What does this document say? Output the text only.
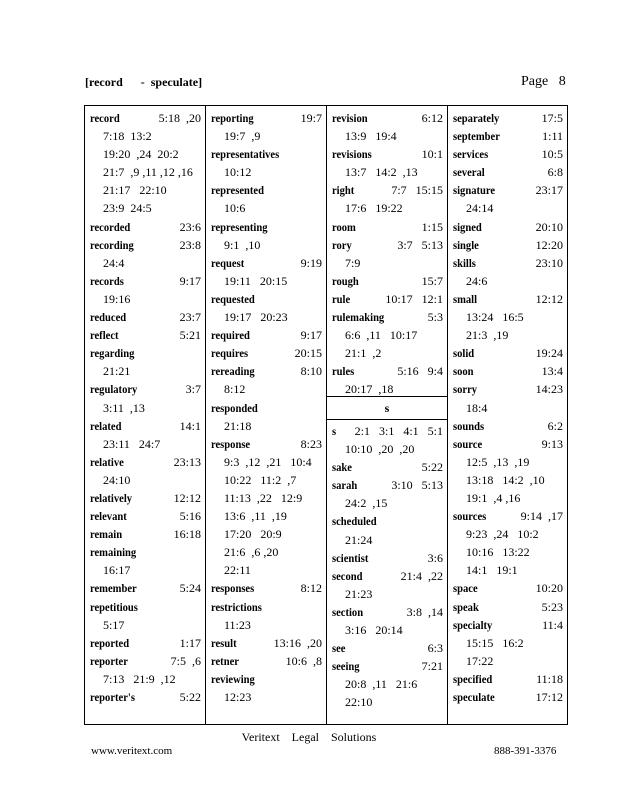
[record      -  speculate]	Page   8
record	5:18  ,20
7:18  13:2
19:20  ,24  20:2
21:7  ,9 ,11 ,12 ,16
21:17   22:10
23:9  24:5
recorded	23:6
recording	23:8
24:4
records	9:17
19:16
reduced	23:7
reflect	5:21
regarding
21:21
regulatory	3:7
3:11  ,13
related	14:1
23:11   24:7
relative	23:13
24:10
relatively	12:12
relevant	5:16
remain	16:18
remaining
16:17
remember	5:24
repetitious
5:17
reported	1:17
reporter	7:5  ,6
7:13   21:9  ,12
reporter's	5:22
reporting	19:7
19:7  ,9
representatives
10:12
represented
10:6
representing
9:1  ,10
request	9:19
19:11   20:15
requested
19:17   20:23
required	9:17
requires	20:15
rereading	8:10
8:12
responded
21:18
response	8:23
9:3  ,12  ,21   10:4
10:22   11:2  ,7
11:13  ,22   12:9
13:6  ,11  ,19
17:20   20:9
21:6  ,6 ,20
22:11
responses	8:12
restrictions
11:23
result	13:16  ,20
retner	10:6  ,8
reviewing
12:23
revision	6:12
13:9   19:4
revisions	10:1
13:7   14:2  ,13
right	7:7   15:15
17:6   19:22
room	1:15
rory	3:7   5:13
7:9
rough	15:7
rule	10:17   12:1
rulemaking	5:3
6:6  ,11   10:17
21:1  ,2
rules	5:16   9:4
20:17  ,18
s
s	2:1   3:1   4:1   5:1
10:10  ,20  ,20
sake	5:22
sarah	3:10   5:13
24:2  ,15
scheduled
21:24
scientist	3:6
second	21:4  ,22
21:23
section	3:8  ,14
3:16   20:14
see	6:3
seeing	7:21
20:8  ,11   21:6
22:10
separately	17:5
september	1:11
services	10:5
several	6:8
signature	23:17
24:14
signed	20:10
single	12:20
skills	23:10
24:6
small	12:12
13:24   16:5
21:3  ,19
solid	19:24
soon	13:4
sorry	14:23
18:4
sounds	6:2
source	9:13
12:5  ,13  ,19
13:18   14:2  ,10
19:1  ,4 ,16
sources	9:14  ,17
9:23  ,24   10:2
10:16   13:22
14:1   19:1
space	10:20
speak	5:23
specialty	11:4
15:15   16:2
17:22
specified	11:18
speculate	17:12
Veritext    Legal    Solutions
www.veritext.com	888-391-3376
